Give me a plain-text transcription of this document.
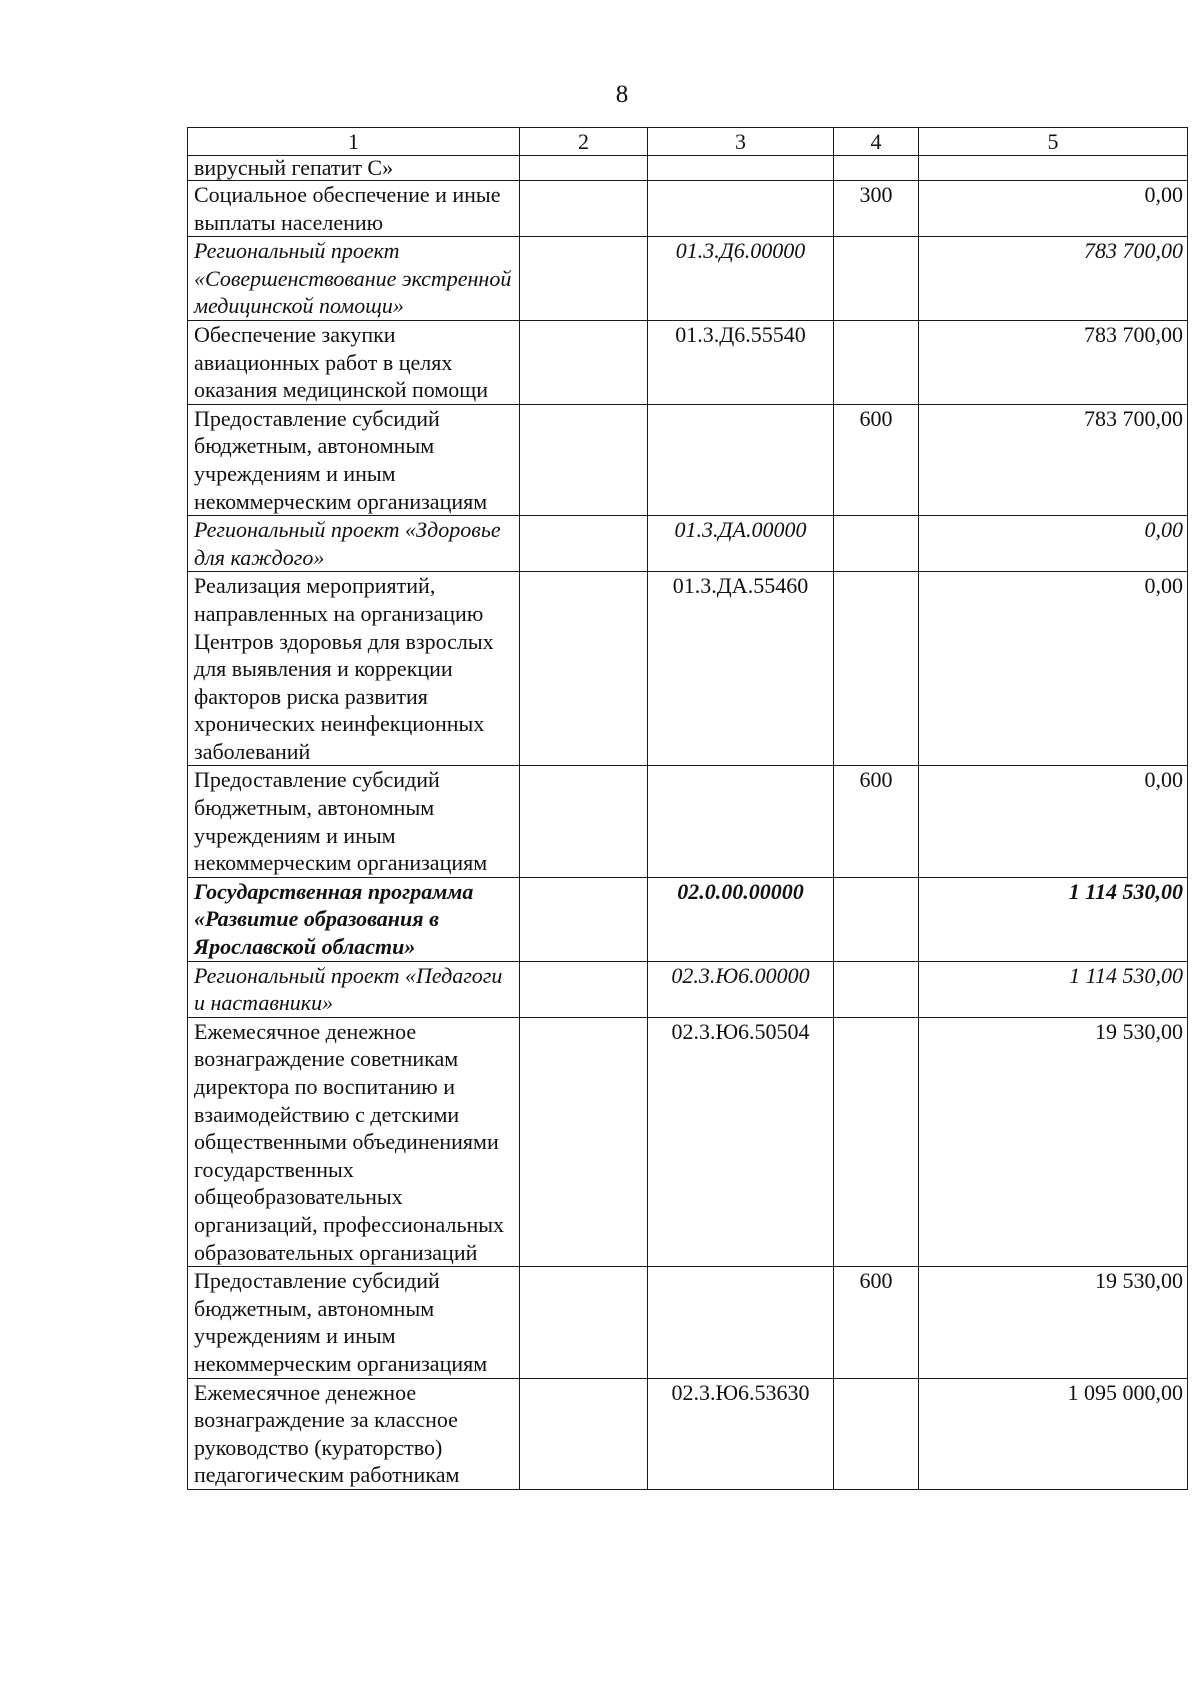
8
1	2	3	4	5
вирусный гепатит С»				
Социальное обеспечение и иные выплаты населению			300	0,00
Региональный проект «Совершенствование экстренной медицинской помощи»		01.3.Д6.00000		783 700,00
Обеспечение закупки авиационных работ в целях оказания медицинской помощи		01.3.Д6.55540		783 700,00
Предоставление субсидий бюджетным, автономным учреждениям и иным некоммерческим организациям			600	783 700,00
Региональный проект «Здоровье для каждого»		01.3.ДА.00000		0,00
Реализация мероприятий, направленных на организацию Центров здоровья для взрослых для выявления и коррекции факторов риска развития хронических неинфекционных заболеваний		01.3.ДА.55460		0,00
Предоставление субсидий бюджетным, автономным учреждениям и иным некоммерческим организациям			600	0,00
Государственная программа «Развитие образования в Ярославской области»		02.0.00.00000		1 114 530,00
Региональный проект «Педагоги и наставники»		02.3.Ю6.00000		1 114 530,00
Ежемесячное денежное вознаграждение советникам директора по воспитанию и взаимодействию с детскими общественными объединениями государственных общеобразовательных организаций, профессиональных образовательных организаций		02.3.Ю6.50504		19 530,00
Предоставление субсидий бюджетным, автономным учреждениям и иным некоммерческим организациям			600	19 530,00
Ежемесячное денежное вознаграждение за классное руководство (кураторство) педагогическим работникам		02.3.Ю6.53630		1 095 000,00
